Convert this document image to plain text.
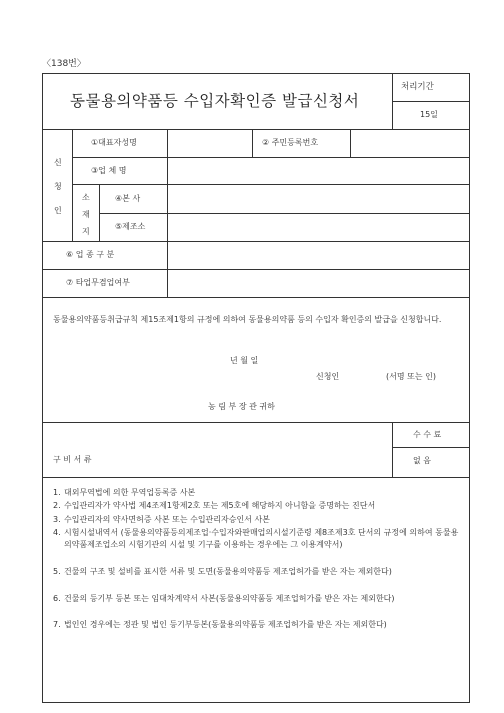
〈138번〉
동물용의약품등 수입자확인증 발급신청서
처리기간
15일
신
청
인
①대표자성명	② 주민등록번호
③업 체 명
소
재
지
④본 사
⑤제조소
⑥ 업 종 구 분
⑦ 타업무겸업여부
동물용의약품등취급규칙 제15조제1항의 규정에 의하여 동물용의약품 등의 수입자 확인증의 발급을 신청합니다.
년 월 일
신청인	(서명 또는 인)
농 림 부 장 관 귀하
구 비 서 류
수 수 료
없 음
1. 대외무역법에 의한 무역업등록증 사본
2. 수입관리자가 약사법 제4조제1항제2호 또는 제5호에 해당하지 아니함을 증명하는 진단서
3. 수입관리자의 약사면허증 사본 또는 수입관리자승인서 사본
4. 시험시설내역서 (동물용의약품등의제조업·수입자와판매업의시설기준령 제8조제3호 단서의 규정에 의하여 동물용의약품제조업소의 시험기관의 시설 및 기구를 이용하는 경우에는 그 이용계약서)
5. 건물의 구조 및 설비를 표시한 서류 및 도면(동물용의약품등 제조업허가를 받은 자는 제외한다)
6. 건물의 등기부 등본 또는 임대차계약서 사본(동물용의약품등 제조업허가를 받은 자는 제외한다)
7. 법인인 경우에는 정관 및 법인 등기부등본(동물용의약품등 제조업허가를 받은 자는 제외한다)
